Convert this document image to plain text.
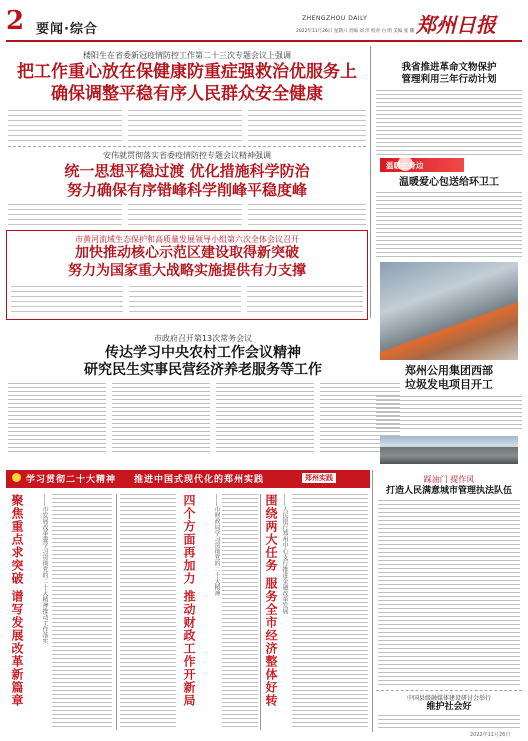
2 要闻·综合
ZHENGZHOU DAILY 郑州日报
2022年11月26日 星期六 责编 刘 洋 校对 白 明 美编 张 鹏
楼阳生在省委新冠疫情防控工作第二十三次专题会议上强调
把工作重心放在保健康防重症强救治优服务上
确保调整平稳有序人民群众安全健康
安伟就贯彻落实省委疫情防控专题会议精神强调
统一思想平稳过渡 优化措施科学防治
努力确保有序错峰科学削峰平稳度峰
市黄河流域生态保护和高质量发展领导小组第六次全体会议召开
加快推动核心示范区建设取得新突破
努力为国家重大战略实施提供有力支撑
市政府召开第13次常务会议
传达学习中央农村工作会议精神
研究民生实事民营经济养老服务等工作
我省推进革命文物保护
管理利用三年行动计划
温暖在身边
温暖爱心包送给环卫工
郑州公用集团西部
垃圾发电项目开工
学习贯彻二十大精神 推进中国式现代化的郑州实践	郑州实践
聚焦重点求突破 谱写发展改革新篇章	——市发展改革委学习贯彻党的二十大精神推动工作落实	四个方面再加力 推动财政工作开新局	——市财政局学习贯彻党的二十大精神	围绕两大任务 服务全市经济整体好转 ——人民银行郑州中心支行推进金融改革发展
踩油门 提作风
打造人民满意城市管理执法队伍
中国县级融媒体建设研讨会举行
维护社会好
2022年11月26日
